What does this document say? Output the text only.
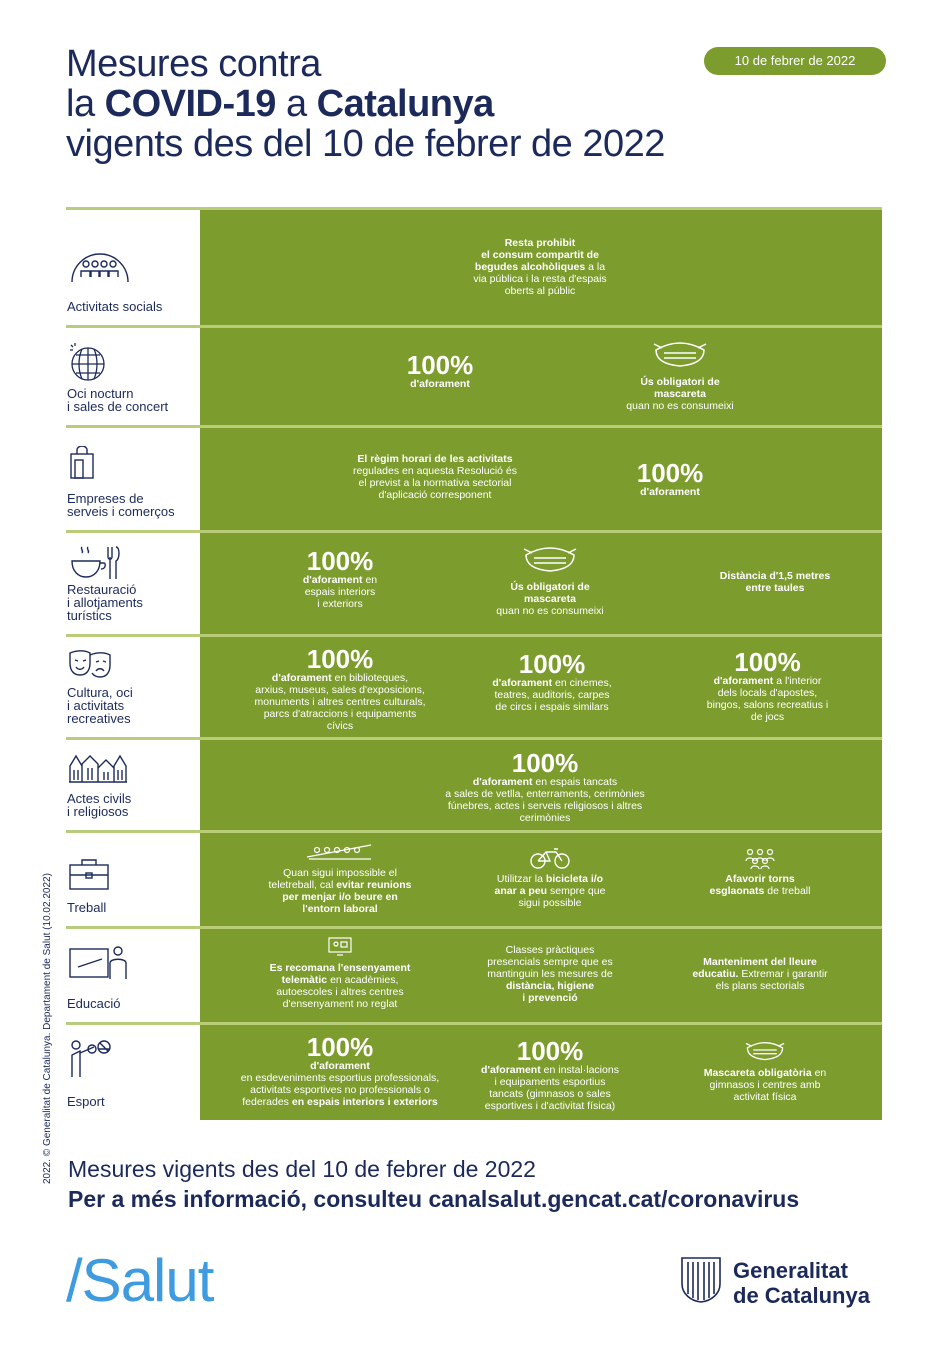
Mesures contra
la COVID-19 a Catalunya
vigents des del 10 de febrer de 2022
10 de febrer de 2022
Activitats socials
Resta prohibit
el consum compartit de
begudes alcohòliques a la
via pública i la resta d'espais
oberts al públic
Oci nocturn
i sales de concert
100%
d'aforament	Ús obligatori de
mascareta
quan no es consumeixi
Empreses de
serveis i comerços
El règim horari de les activitats
regulades en aquesta Resolució és
el previst a la normativa sectorial
d'aplicació corresponent
100%
d'aforament
Restauració
i allotjaments
turístics
100%
d'aforament en
espais interiors
i exteriors
Ús obligatori de
mascareta
quan no es consumeixi
Distància d'1,5 metres
entre taules
Cultura, oci
i activitats
recreatives
100%
d'aforament en biblioteques,
arxius, museus, sales d'exposicions,
monuments i altres centres culturals,
parcs d'atraccions i equipaments
cívics
100%
d'aforament en cinemes,
teatres, auditoris, carpes
de circs i espais similars
100%
d'aforament a l'interior
dels locals d'apostes,
bingos, salons recreatius i
de jocs
Actes civils
i religiosos
100%
d'aforament en espais tancats
a sales de vetlla, enterraments, cerimònies
fúnebres, actes i serveis religiosos i altres
cerimònies
Treball
Quan sigui impossible el
teletreball, cal evitar reunions
per menjar i/o beure en
l'entorn laboral
Utilitzar la bicicleta i/o
anar a peu sempre que
sigui possible
Afavorir torns
esglaonats de treball
Educació
Es recomana l'ensenyament
telemàtic en acadèmies,
autoescoles i altres centres
d'ensenyament no reglat
Classes pràctiques
presencials sempre que es
mantinguin les mesures de
distància, higiene
i prevenció
Manteniment del lleure
educatiu. Extremar i garantir
els plans sectorials
Esport
100%
d'aforament
en esdeveniments esportius professionals,
activitats esportives no professionals o
federades en espais interiors i exteriors
100%
d'aforament en instal·lacions
i equipaments esportius
tancats (gimnasos o sales
esportives i d'activitat física)
Mascareta obligatòria en
gimnasos i centres amb
activitat física
2022. © Generalitat de Catalunya. Departament de Salut (10.02.2022) Mesures vigents des del 10 de febrer de 2022
Per a més informació, consulteu canalsalut.gencat.cat/coronavirus
/Salut	Generalitat
de Catalunya
